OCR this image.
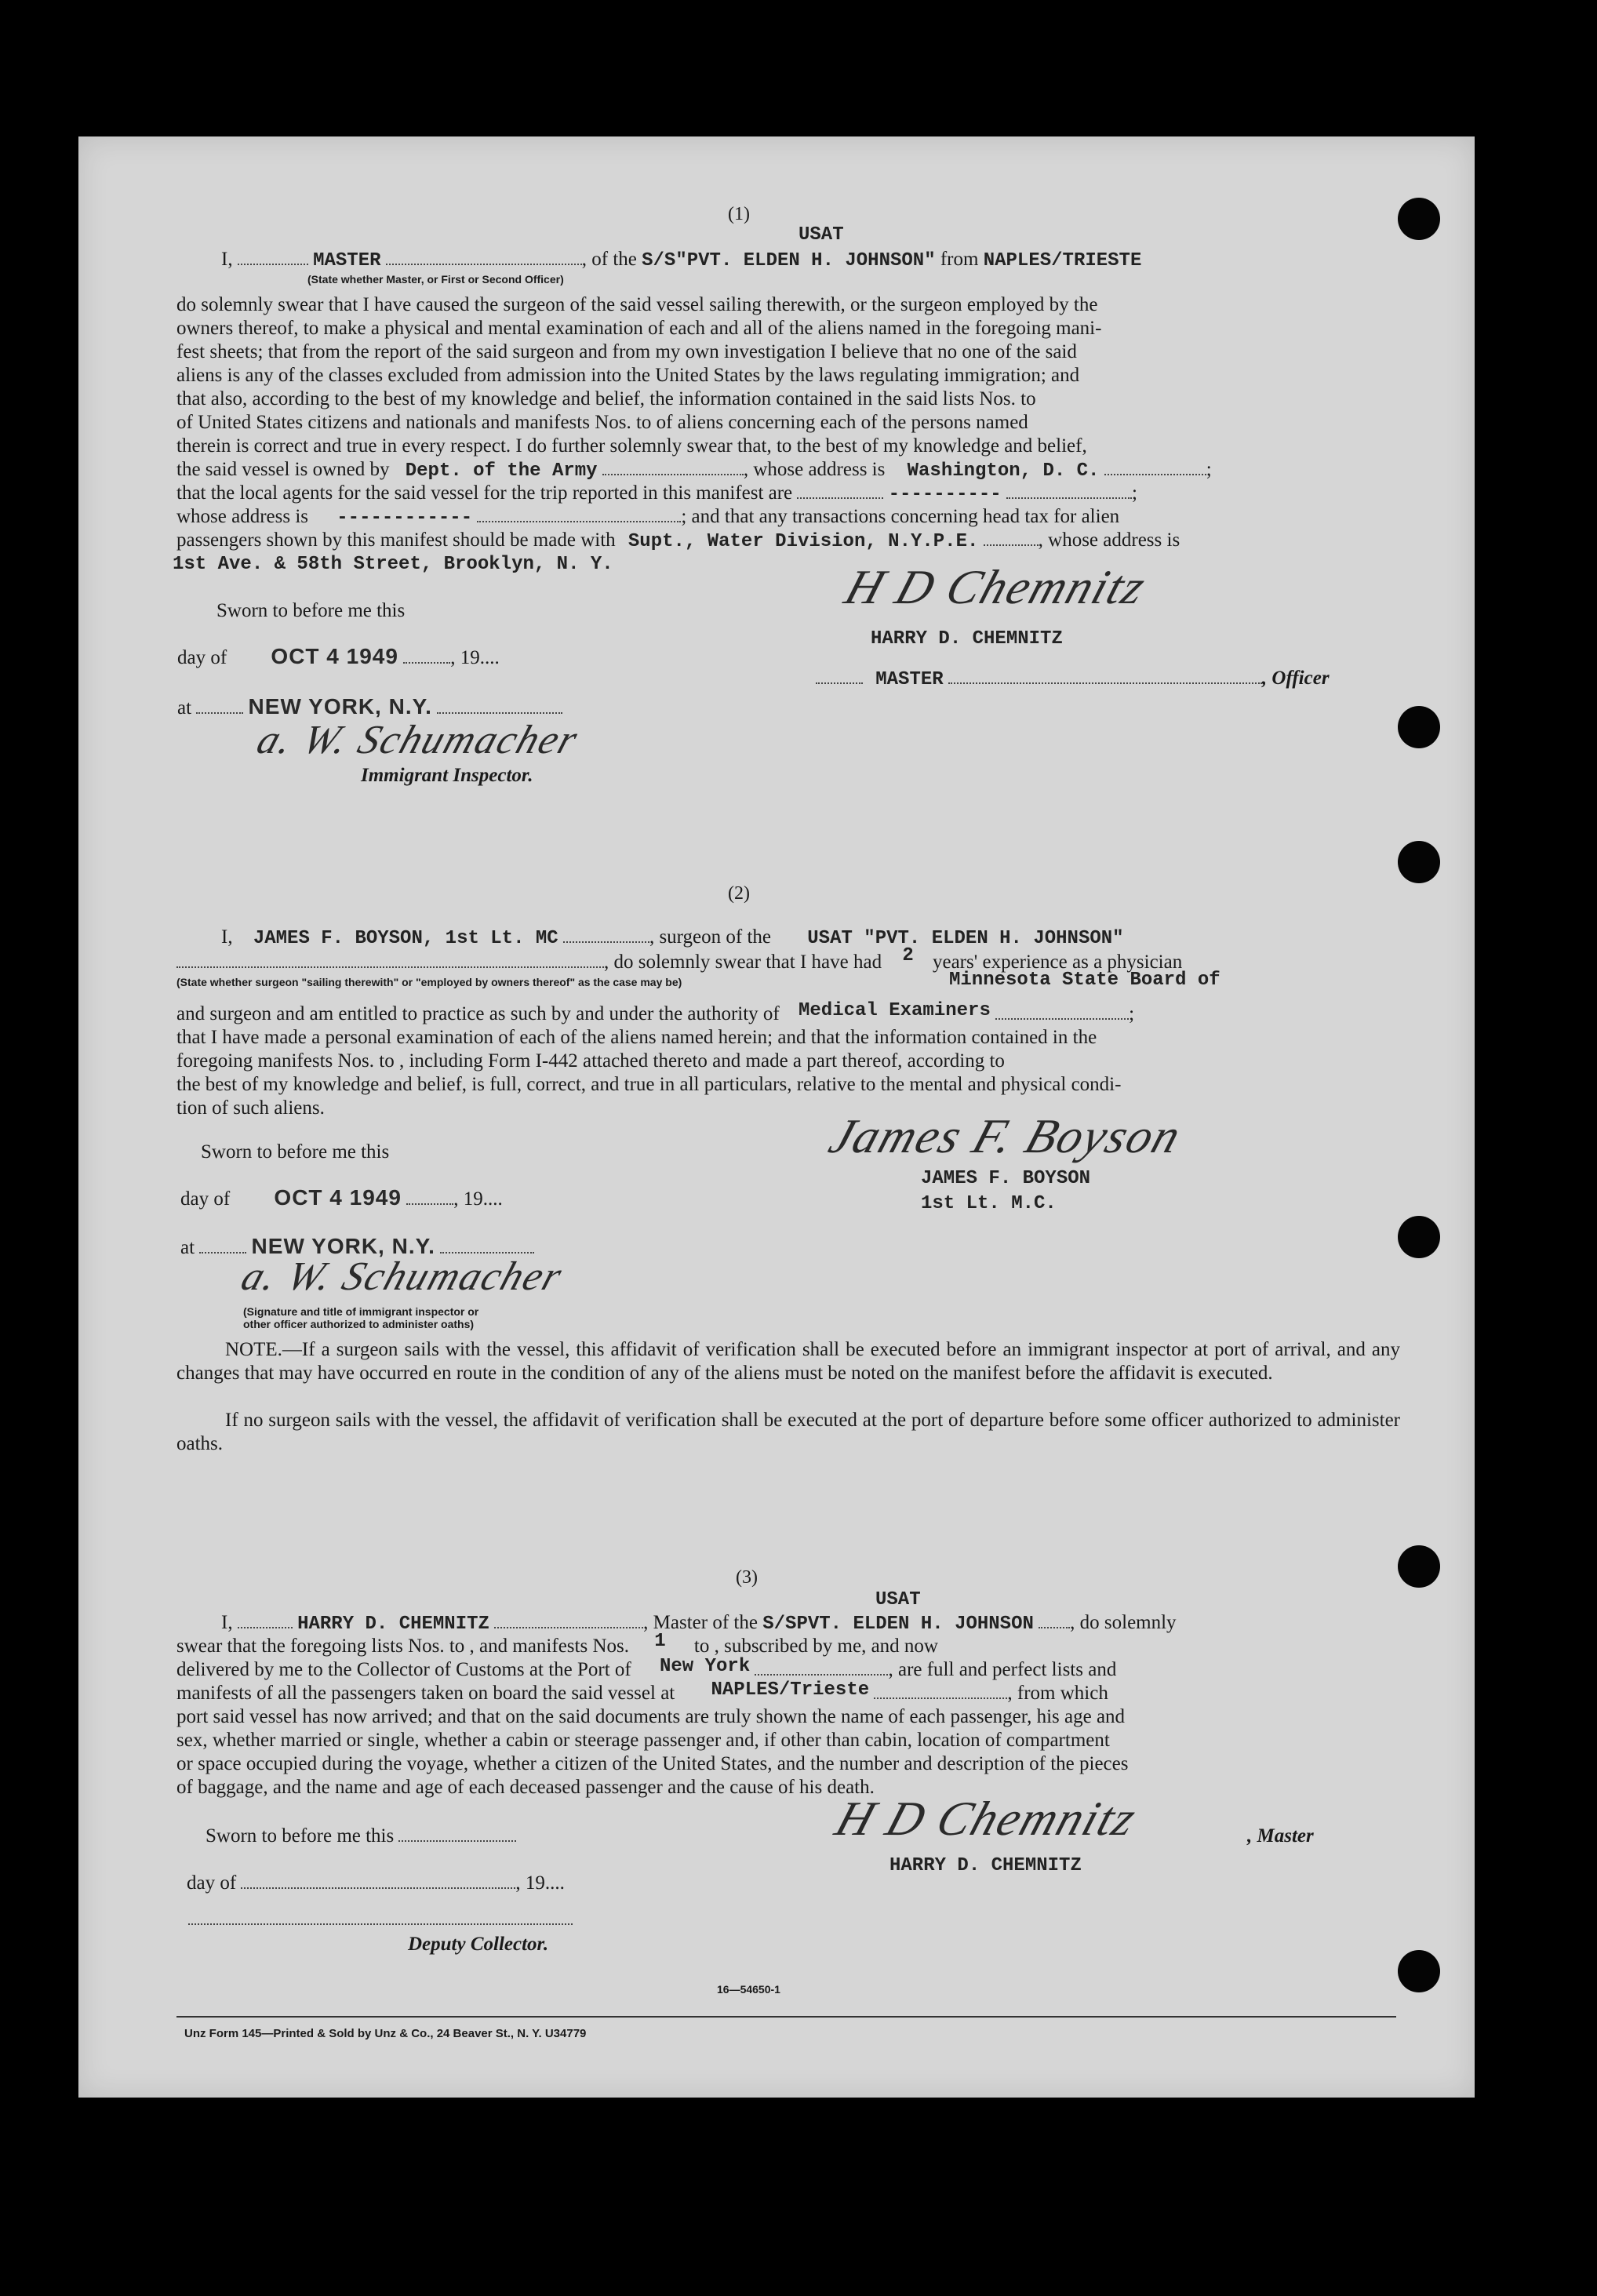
(1)
I,	MASTER	, of the S/S"PVT. ELDEN H. JOHNSON" from NAPLES/TRIESTE
USAT
(State whether Master, or First or Second Officer)
do solemnly swear that I have caused the surgeon of the said vessel sailing therewith, or the surgeon employed by the
owners thereof, to make a physical and mental examination of each and all of the aliens named in the foregoing mani-
fest sheets; that from the report of the said surgeon and from my own investigation I believe that no one of the said
aliens is any of the classes excluded from admission into the United States by the laws regulating immigration; and
that also, according to the best of my knowledge and belief, the information contained in the said lists Nos. to
of United States citizens and nationals and manifests Nos. to of aliens concerning each of the persons named
therein is correct and true in every respect. I do further solemnly swear that, to the best of my knowledge and belief,
the said vessel is owned by Dept. of the Army	, whose address is Washington, D. C.	;
that the local agents for the said vessel for the trip reported in this manifest are	----------	;
whose address is ------------	; and that any transactions concerning head tax for alien
passengers shown by this manifest should be made with Supt., Water Division, N.Y.P.E.	, whose address is
1st Ave. & 58th Street, Brooklyn, N. Y.
Sworn to before me this
day of OCT 4 1949	, 19....
at	NEW YORK, N.Y.
a. W. Schumacher
Immigrant Inspector.
H D Chemnitz
HARRY D. CHEMNITZ
MASTER	, Officer
(2)
I, JAMES F. BOYSON, 1st Lt. MC	, surgeon of the USAT "PVT. ELDEN H. JOHNSON"
, do solemnly swear that I have had 2 years' experience as a physician
(State whether surgeon "sailing therewith" or "employed by owners thereof" as the case may be)	Minnesota State Board of
and surgeon and am entitled to practice as such by and under the authority of Medical Examiners	;
that I have made a personal examination of each of the aliens named herein; and that the information contained in the
foregoing manifests Nos. to , including Form I-442 attached thereto and made a part thereof, according to
the best of my knowledge and belief, is full, correct, and true in all particulars, relative to the mental and physical condi-
tion of such aliens.
Sworn to before me this
day of OCT 4 1949	, 19....
at	NEW YORK, N.Y.
a. W. Schumacher
(Signature and title of immigrant inspector or other officer authorized to administer oaths)
James F. Boyson
JAMES F. BOYSON
1st Lt. M.C.
NOTE.—If a surgeon sails with the vessel, this affidavit of verification shall be executed before an immigrant inspector at port of arrival, and any changes that may have occurred en route in the condition of any of the aliens must be noted on the manifest before the affidavit is executed.
If no surgeon sails with the vessel, the affidavit of verification shall be executed at the port of departure before some officer authorized to administer oaths.
(3)
USAT
I,	HARRY D. CHEMNITZ	, Master of the S/SPVT. ELDEN H. JOHNSON , do solemnly
swear that the foregoing lists Nos. to , and manifests Nos. 1 to , subscribed by me, and now
delivered by me to the Collector of Customs at the Port of New York	, are full and perfect lists and
manifests of all the passengers taken on board the said vessel at NAPLES/Trieste	, from which
port said vessel has now arrived; and that on the said documents are truly shown the name of each passenger, his age and
sex, whether married or single, whether a cabin or steerage passenger and, if other than cabin, location of compartment
or space occupied during the voyage, whether a citizen of the United States, and the number and description of the pieces
of baggage, and the name and age of each deceased passenger and the cause of his death.
Sworn to before me this
day of	, 19....
Deputy Collector.
H D Chemnitz	, Master
HARRY D. CHEMNITZ
16—54650-1
Unz Form 145—Printed & Sold by Unz & Co., 24 Beaver St., N. Y. U34779
